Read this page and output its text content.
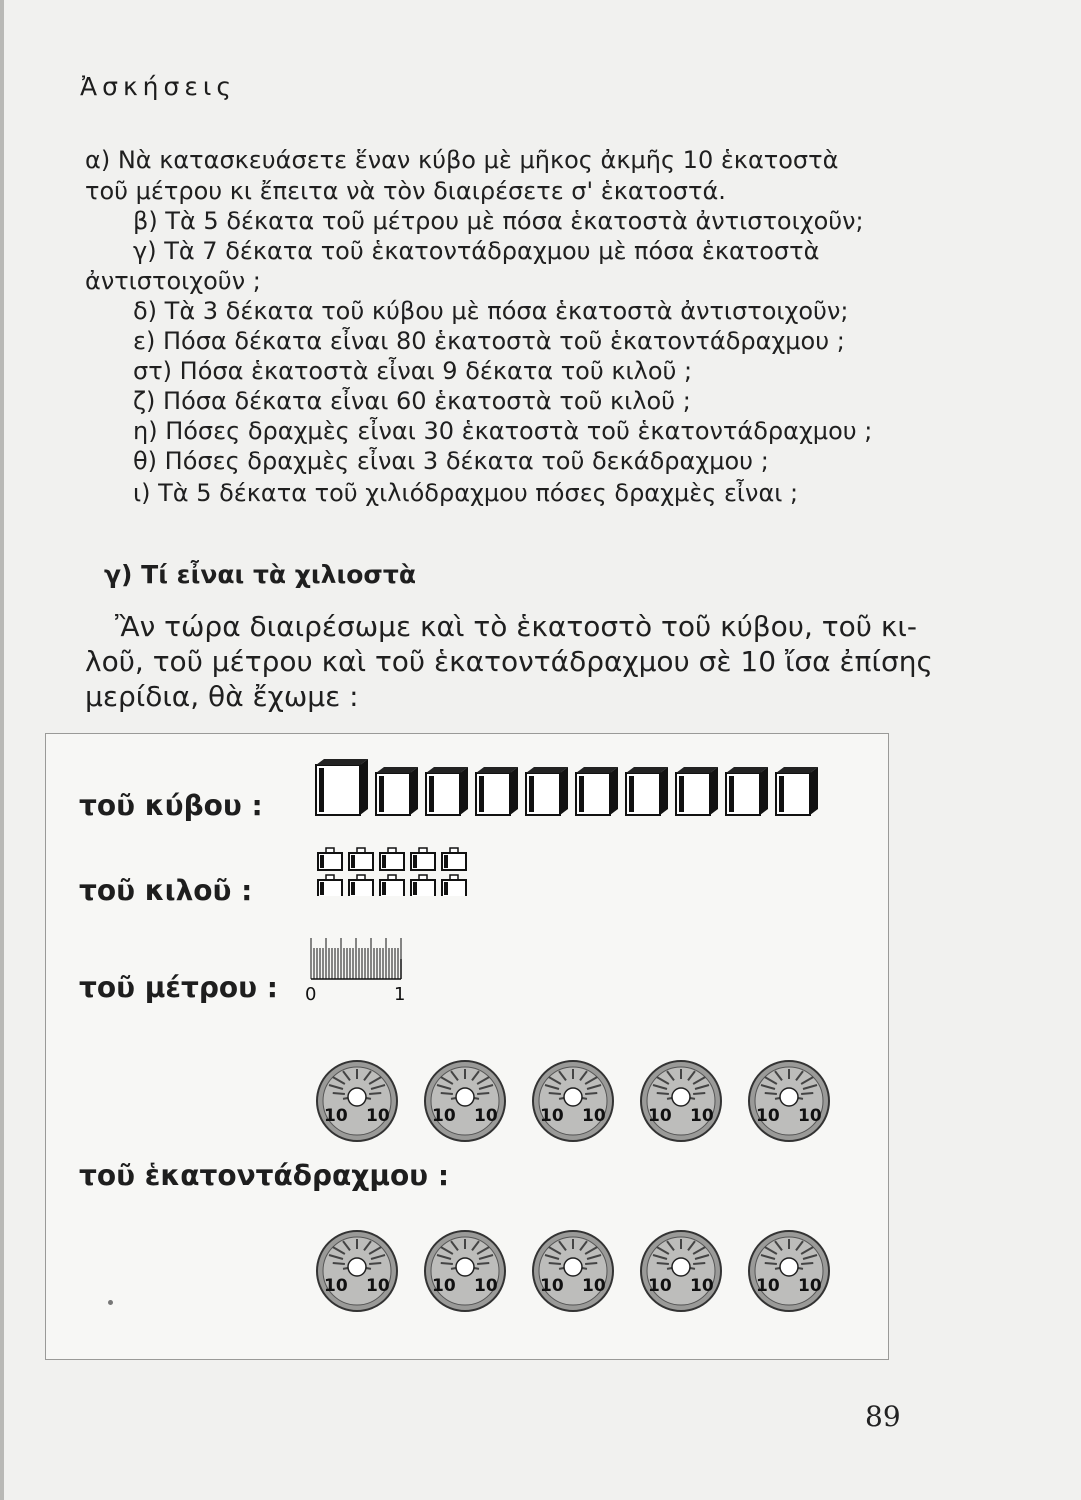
Ἀσκήσεις
α) Νὰ κατασκευάσετε ἕναν κύβο μὲ μῆκος ἀκμῆς 10 ἑκατοστὰ
τοῦ μέτρου κι ἔπειτα νὰ τὸν διαιρέσετε σ' ἑκατοστά.
β) Τὰ 5 δέκατα τοῦ μέτρου μὲ πόσα ἑκατοστὰ ἀντιστοιχοῦν;
γ) Τὰ 7 δέκατα τοῦ ἑκατοντάδραχμου μὲ πόσα ἑκατοστὰ
ἀντιστοιχοῦν ;
δ) Τὰ 3 δέκατα τοῦ κύβου μὲ πόσα ἑκατοστὰ ἀντιστοιχοῦν;
ε) Πόσα δέκατα εἶναι 80 ἑκατοστὰ τοῦ ἑκατοντάδραχμου ;
στ) Πόσα ἑκατοστὰ εἶναι 9 δέκατα τοῦ κιλοῦ ;
ζ) Πόσα δέκατα εἶναι 60 ἑκατοστὰ τοῦ κιλοῦ ;
η) Πόσες δραχμὲς εἶναι 30 ἑκατοστὰ τοῦ ἑκατοντάδραχμου ;
θ) Πόσες δραχμὲς εἶναι 3 δέκατα τοῦ δεκάδραχμου ;
ι) Τὰ 5 δέκατα τοῦ χιλιόδραχμου πόσες δραχμὲς εἶναι ;
γ) Τί εἶναι τὰ χιλιοστὰ
Ἂν τώρα διαιρέσωμε καὶ τὸ ἑκατοστὸ τοῦ κύβου, τοῦ κι-
λοῦ, τοῦ μέτρου καὶ τοῦ ἑκατοντάδραχμου σὲ 10 ἴσα ἐπίσης
μερίδια, θὰ ἔχωμε :
τοῦ κύβου :
τοῦ κιλοῦ :
τοῦ μέτρου :
τοῦ ἑκατοντάδραχμου :
0	1
10 10 10 10 10 10 10 10 10 10
10 10 10 10 10 10 10 10 10 10
89
